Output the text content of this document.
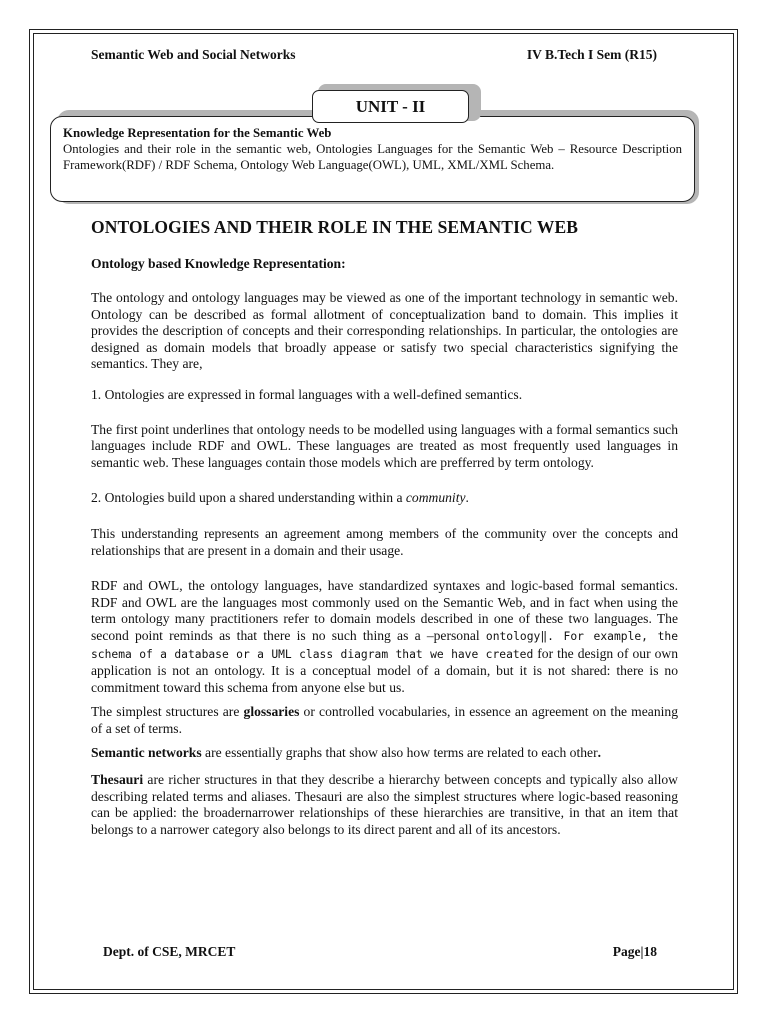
Semantic Web and Social Networks	IV B.Tech I Sem (R15)
Knowledge Representation for the Semantic Web
Ontologies and their role in the semantic web, Ontologies Languages for the Semantic Web – Resource Description Framework(RDF) / RDF Schema, Ontology Web Language(OWL), UML, XML/XML Schema.
UNIT - II
ONTOLOGIES AND THEIR ROLE IN THE SEMANTIC WEB
Ontology based Knowledge Representation:

The ontology and ontology languages may be viewed as one of the important technology in semantic web. Ontology can be described as formal allotment of conceptualization band to domain. This implies it provides the description of concepts and their corresponding relationships. In particular, the ontologies are designed as domain models that broadly appease or satisfy two special characteristics signifying the semantics. They are,

1. Ontologies are expressed in formal languages with a well-defined semantics.

The first point underlines that ontology needs to be modelled using languages with a formal semantics such languages include RDF and OWL. These languages are treated as most frequently used languages in semantic web. These languages contain those models which are prefferred by term ontology.

2. Ontologies build upon a shared understanding within a community.

This understanding represents an agreement among members of the community over the concepts and relationships that are present in a domain and their usage.

RDF and OWL, the ontology languages, have standardized syntaxes and logic-based formal semantics. RDF and OWL are the languages most commonly used on the Semantic Web, and in fact when using the term ontology many practitioners refer to domain models described in one of these two languages. The second point reminds as that there is no such thing as a –personal ontology‖. For example, the schema of a database or a UML class diagram that we have created for the design of our own application is not an ontology. It is a conceptual model of a domain, but it is not shared: there is no commitment toward this schema from anyone else but us.

The simplest structures are glossaries or controlled vocabularies, in essence an agreement on the meaning of a set of terms.

Semantic networks are essentially graphs that show also how terms are related to each other.

Thesauri are richer structures in that they describe a hierarchy between concepts and typically also allow describing related terms and aliases. Thesauri are also the simplest structures where logic-based reasoning can be applied: the broadernarrower relationships of these hierarchies are transitive, in that an item that belongs to a narrower category also belongs to its direct parent and all of its ancestors.

Dept. of CSE, MRCET	Page|18
